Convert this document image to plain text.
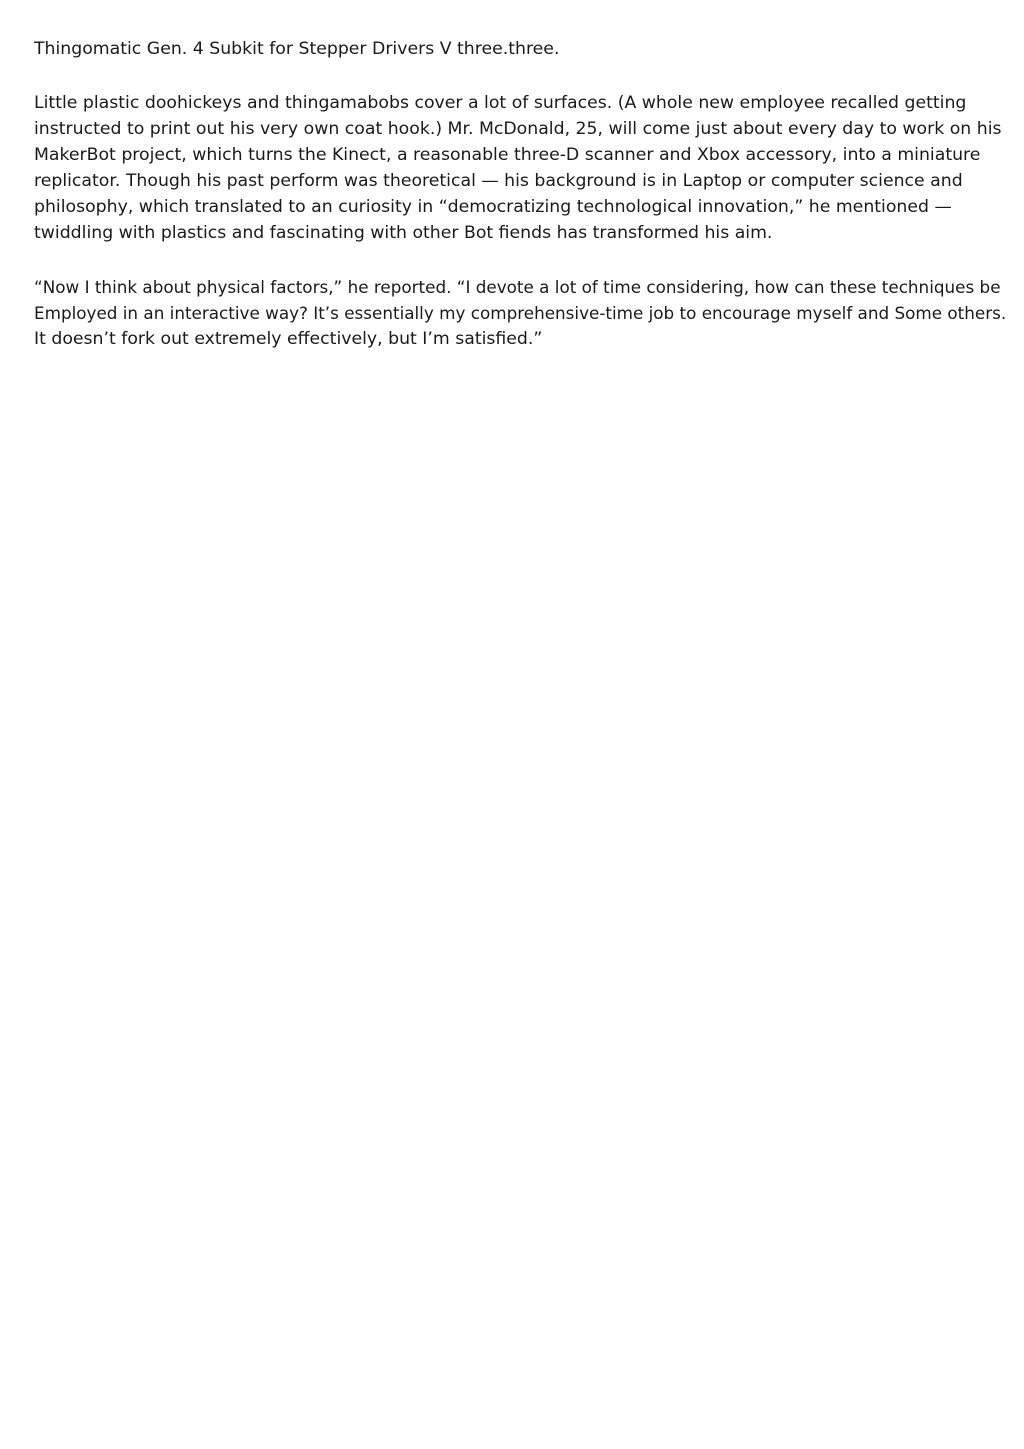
Thingomatic Gen. 4 Subkit for Stepper Drivers V three.three.

Little plastic doohickeys and thingamabobs cover a lot of surfaces. (A whole new employee recalled getting
instructed to print out his very own coat hook.) Mr. McDonald, 25, will come just about every day to work on his
MakerBot project, which turns the Kinect, a reasonable three-D scanner and Xbox accessory, into a miniature
replicator. Though his past perform was theoretical — his background is in Laptop or computer science and
philosophy, which translated to an curiosity in “democratizing technological innovation,” he mentioned —
twiddling with plastics and fascinating with other Bot fiends has transformed his aim.

“Now I think about physical factors,” he reported. “I devote a lot of time considering, how can these techniques be
Employed in an interactive way? It’s essentially my comprehensive-time job to encourage myself and Some others.
It doesn’t fork out extremely effectively, but I’m satisfied.”
